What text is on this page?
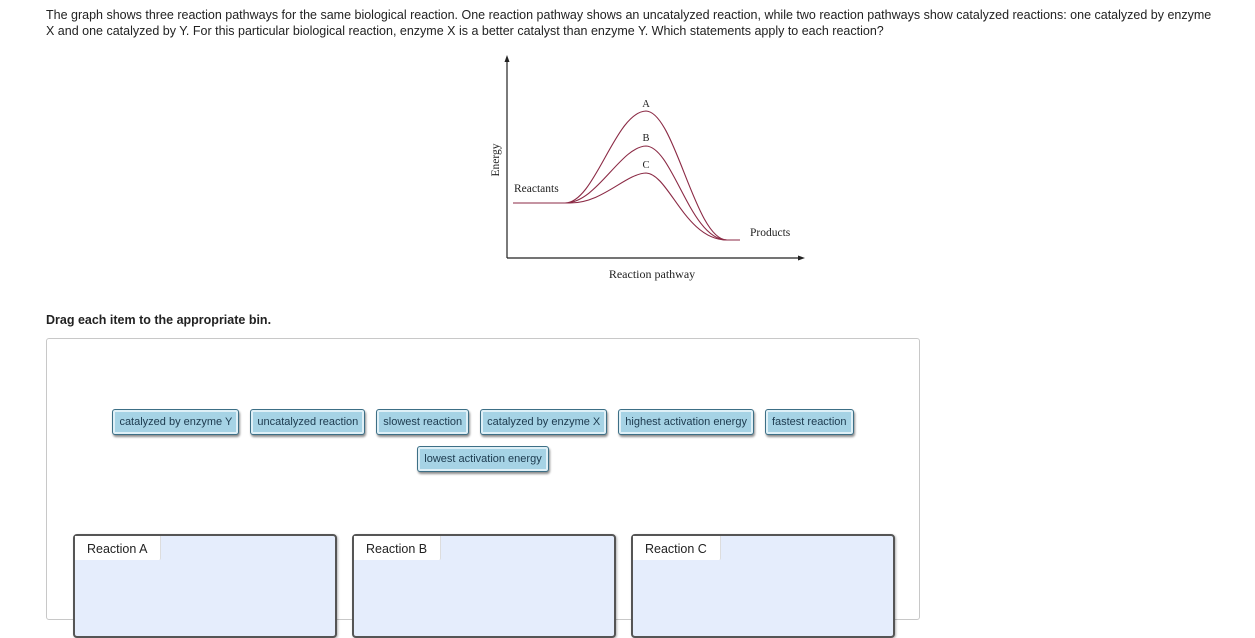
The graph shows three reaction pathways for the same biological reaction. One reaction pathway shows an uncatalyzed reaction, while two reaction pathways show catalyzed reactions: one catalyzed by enzyme X and one catalyzed by Y. For this particular biological reaction, enzyme X is a better catalyst than enzyme Y. Which statements apply to each reaction?
A
B
C
Reactants
Products
Reaction pathway
Energy
Drag each item to the appropriate bin.
catalyzed by enzyme Y	uncatalyzed reaction	slowest reaction	catalyzed by enzyme X	highest activation energy	fastest reaction
lowest activation energy
Reaction A	Reaction B	Reaction C
